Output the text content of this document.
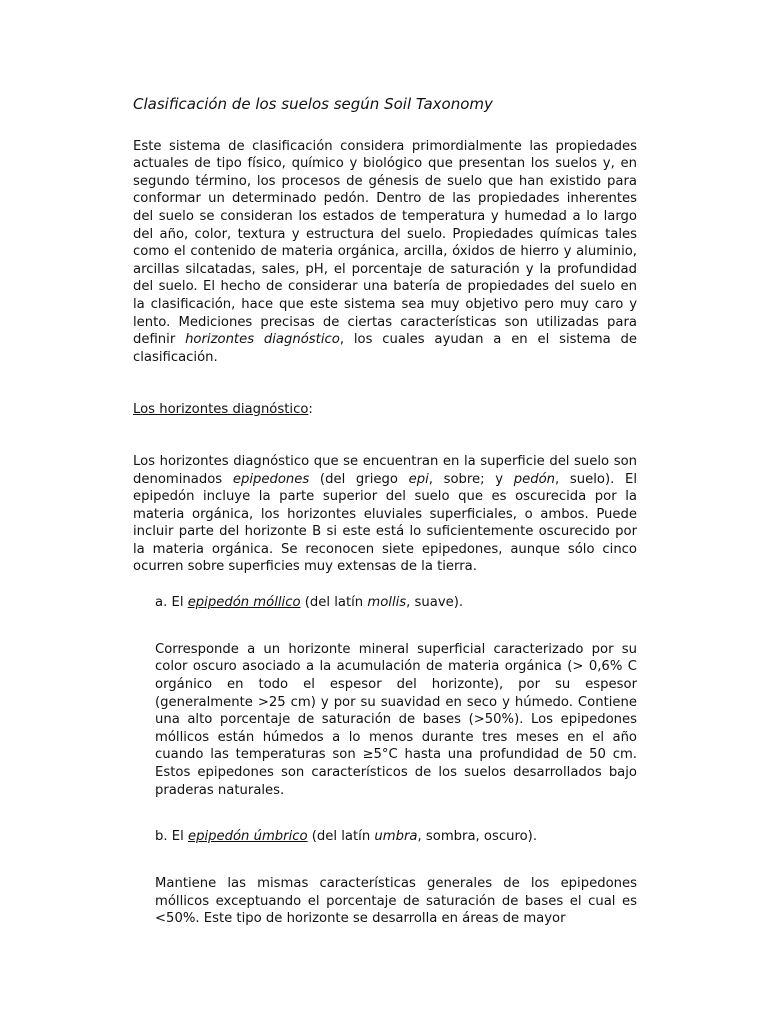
Clasificación de los suelos según Soil Taxonomy

Este sistema de clasificación considera primordialmente las propiedades actuales de tipo físico, químico y biológico que presentan los suelos y, en segundo término, los procesos de génesis de suelo que han existido para conformar un determinado pedón. Dentro de las propiedades inherentes del suelo se consideran los estados de temperatura y humedad a lo largo del año, color, textura y estructura del suelo. Propiedades químicas tales como el contenido de materia orgánica, arcilla, óxidos de hierro y aluminio, arcillas silcatadas, sales, pH, el porcentaje de saturación y la profundidad del suelo. El hecho de considerar una batería de propiedades del suelo en la clasificación, hace que este sistema sea muy objetivo pero muy caro y lento. Mediciones precisas de ciertas características son utilizadas para definir horizontes diagnóstico, los cuales ayudan a en el sistema de clasificación.

Los horizontes diagnóstico:

Los horizontes diagnóstico que se encuentran en la superficie del suelo son denominados epipedones (del griego epi, sobre; y pedón, suelo). El epipedón incluye la parte superior del suelo que es oscurecida por la materia orgánica, los horizontes eluviales superficiales, o ambos. Puede incluir parte del horizonte B si este está lo suficientemente oscurecido por la materia orgánica. Se reconocen siete epipedones, aunque sólo cinco ocurren sobre superficies muy extensas de la tierra.

a. El epipedón móllico (del latín mollis, suave).

Corresponde a un horizonte mineral superficial caracterizado por su color oscuro asociado a la acumulación de materia orgánica (> 0,6% C orgánico en todo el espesor del horizonte), por su espesor (generalmente >25 cm) y por su suavidad en seco y húmedo. Contiene una alto porcentaje de saturación de bases (>50%). Los epipedones móllicos están húmedos a lo menos durante tres meses en el año cuando las temperaturas son ≥5°C hasta una profundidad de 50 cm. Estos epipedones son característicos de los suelos desarrollados bajo praderas naturales.

b. El epipedón úmbrico (del latín umbra, sombra, oscuro).

Mantiene las mismas características generales de los epipedones móllicos exceptuando el porcentaje de saturación de bases el cual es <50%. Este tipo de horizonte se desarrolla en áreas de mayor
